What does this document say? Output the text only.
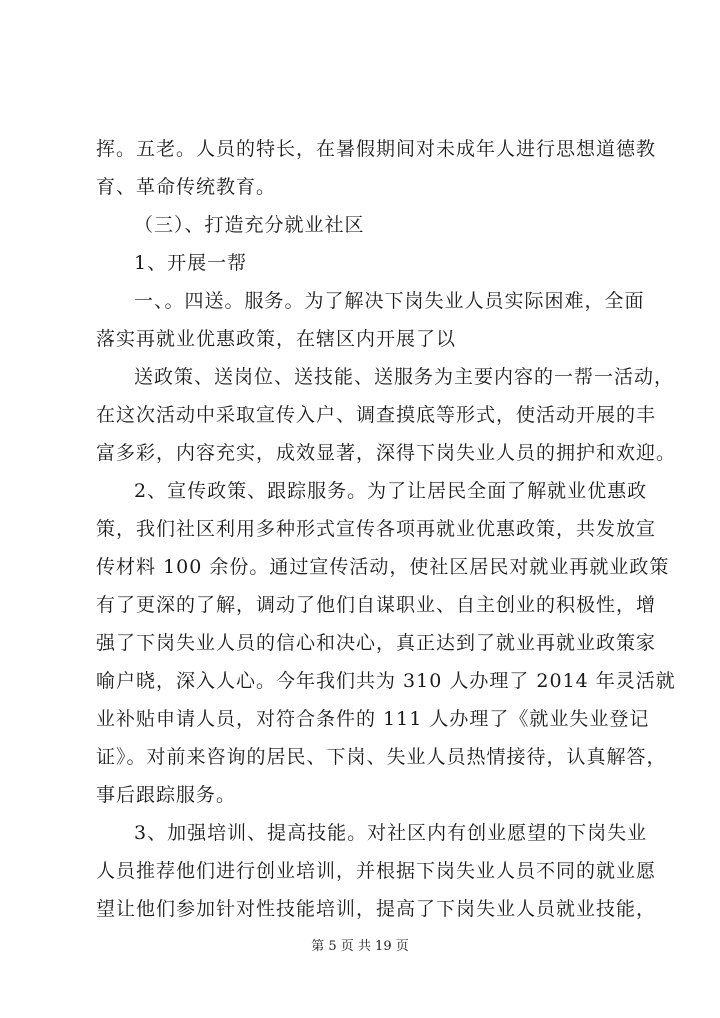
挥。五老。人员的特长，在暑假期间对未成年人进行思想道德教
育、革命传统教育。
（三）、打造充分就业社区
1、开展一帮
一、。四送。服务。为了解决下岗失业人员实际困难，全面
落实再就业优惠政策，在辖区内开展了以
送政策、送岗位、送技能、送服务为主要内容的一帮一活动，
在这次活动中采取宣传入户、调查摸底等形式，使活动开展的丰
富多彩，内容充实，成效显著，深得下岗失业人员的拥护和欢迎。
2、宣传政策、跟踪服务。为了让居民全面了解就业优惠政
策，我们社区利用多种形式宣传各项再就业优惠政策，共发放宣
传材料 100 余份。通过宣传活动，使社区居民对就业再就业政策
有了更深的了解，调动了他们自谋职业、自主创业的积极性，增
强了下岗失业人员的信心和决心，真正达到了就业再就业政策家
喻户晓，深入人心。今年我们共为 310 人办理了 2014 年灵活就
业补贴申请人员，对符合条件的 111 人办理了《就业失业登记
证》。对前来咨询的居民、下岗、失业人员热情接待，认真解答，
事后跟踪服务。
3、加强培训、提高技能。对社区内有创业愿望的下岗失业
人员推荐他们进行创业培训，并根据下岗失业人员不同的就业愿
望让他们参加针对性技能培训，提高了下岗失业人员就业技能，
第 5 页 共 19 页
